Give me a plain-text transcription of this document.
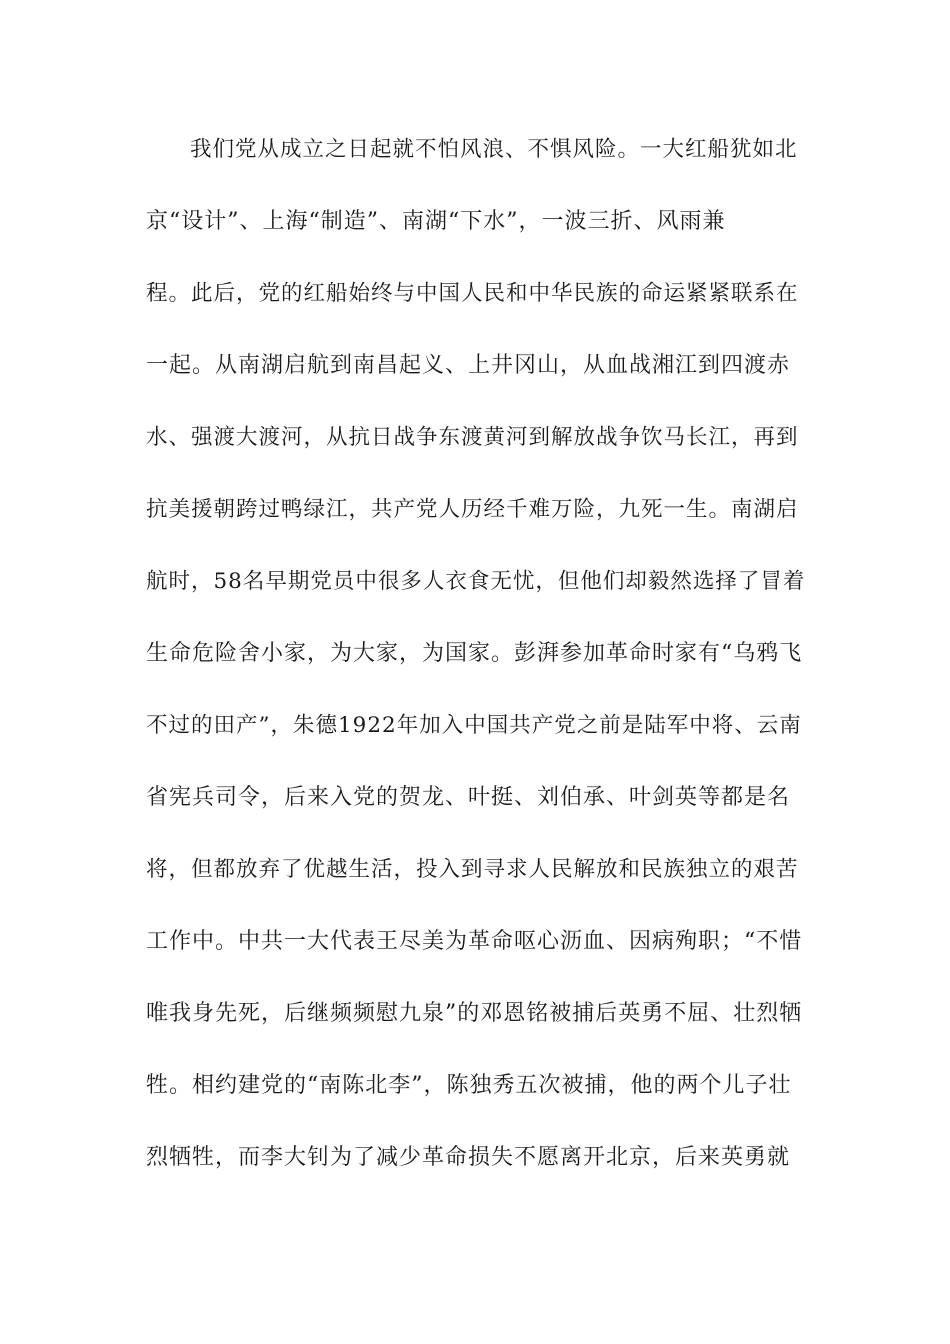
我们党从成立之日起就不怕风浪、不惧风险。一大红船犹如北
京“设计”、上海“制造”、南湖“下水”，一波三折、风雨兼
程。此后，党的红船始终与中国人民和中华民族的命运紧紧联系在
一起。从南湖启航到南昌起义、上井冈山，从血战湘江到四渡赤
水、强渡大渡河，从抗日战争东渡黄河到解放战争饮马长江，再到
抗美援朝跨过鸭绿江，共产党人历经千难万险，九死一生。南湖启
航时，58名早期党员中很多人衣食无忧，但他们却毅然选择了冒着
生命危险舍小家，为大家，为国家。彭湃参加革命时家有“乌鸦飞
不过的田产”，朱德1922年加入中国共产党之前是陆军中将、云南
省宪兵司令，后来入党的贺龙、叶挺、刘伯承、叶剑英等都是名
将，但都放弃了优越生活，投入到寻求人民解放和民族独立的艰苦
工作中。中共一大代表王尽美为革命呕心沥血、因病殉职；“不惜
唯我身先死，后继频频慰九泉”的邓恩铭被捕后英勇不屈、壮烈牺
牲。相约建党的“南陈北李”，陈独秀五次被捕，他的两个儿子壮
烈牺牲，而李大钊为了减少革命损失不愿离开北京，后来英勇就
